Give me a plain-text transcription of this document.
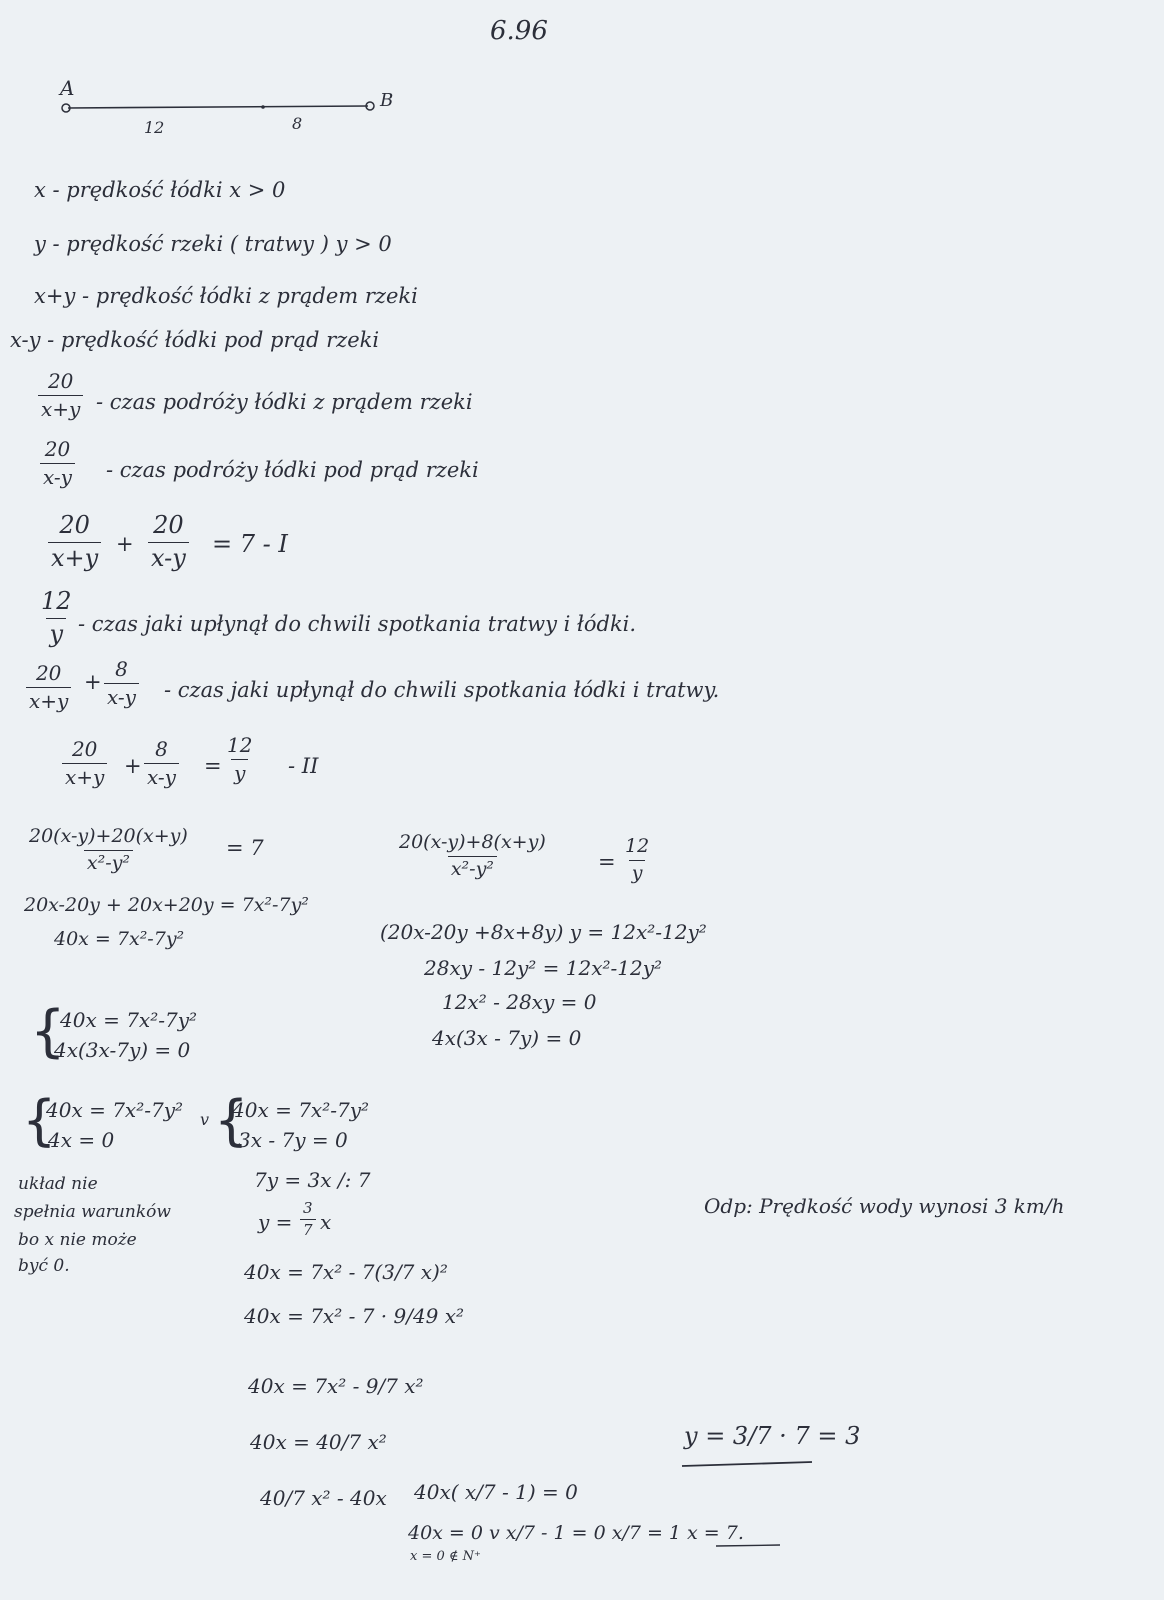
6.96
A
B
12	8
x - prędkość łódki x > 0
y - prędkość rzeki ( tratwy ) y > 0
x+y - prędkość łódki z prądem rzeki
x-y - prędkość łódki pod prąd rzeki
$\frac{20}{x+y}$ - czas podróży łódki z prądem rzeki
$\frac{20}{x-y}$ - czas podróży łódki pod prąd rzeki
$\frac{20}{x+y} + \frac{20}{x-y} = 7 - I$
$\frac{12}{y}$ - czas jaki upłynął do chwili spotkania tratwy i łódki.
$\frac{20}{x+y} + \frac{8}{x-y}$ - czas jaki upłynął do chwili spotkania łódki i tratwy.
$\frac{20}{x+y} + \frac{8}{x-y} = \frac{12}{y}$ - II
$\frac{20(x-y)+20(x+y)}{\text{x²-y²}} = 7$
20x-20y + 20x+20y = 7x²-7y²
40x = 7x²-7y²
$\frac{20(x-y)+8(x+y)}{\text{x²-y²}} = \frac{12}{y}$
(20x-20y +8x+8y) y = 12x²-12y²
28xy - 12y² = 12x²-12y²
12x² - 28xy = 0
4x(3x - 7y) = 0
{
40x = 7x²-7y²
4x(3x-7y) = 0
{
40x = 7x²-7y²
4x = 0
v {
40x = 7x²-7y²
3x - 7y = 0
układ nie
spełnia warunków
bo x nie może
być 0.
7y = 3x /: 7
$y = \frac{3}{7}$ x
40x = 7x² - 7(3/7 x)²
40x = 7x² - 7 · 9/49 x²
40x = 7x² - 9/7 x²
40x = 40/7 x²
40/7 x² - 40x 40x( x/7 - 1) = 0
40x = 0 v x/7 - 1 = 0 x/7 = 1 x = 7.
x = 0 ∉ N⁺
Odp: Prędkość wody wynosi 3 km/h
y = 3/7 · 7 = 3
